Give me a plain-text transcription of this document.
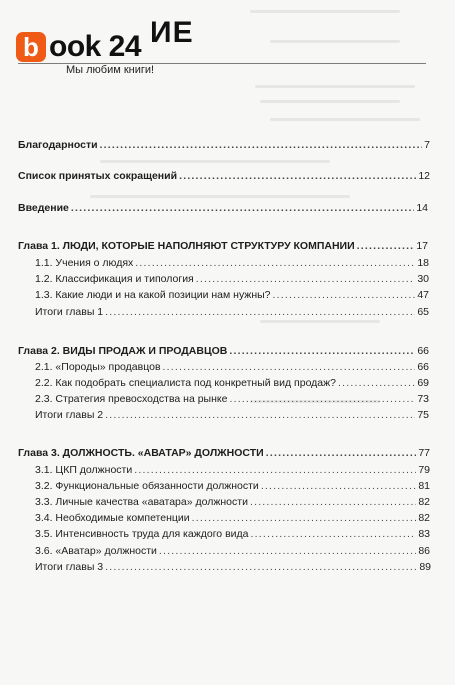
ИЕ
b ook 24
Мы любим книги!
Благодарности .....	7
Список принятых сокращений .....	12
Введение .....	14
Глава 1. ЛЮДИ, КОТОРЫЕ НАПОЛНЯЮТ СТРУКТУРУ КОМПАНИИ .....	17
1.1. Учения о людях .....	18
1.2. Классификация и типология .....	30
1.3. Какие люди и на какой позиции нам нужны? .....	47
Итоги главы 1 .....	65
Глава 2. ВИДЫ ПРОДАЖ И ПРОДАВЦОВ .....	66
2.1. «Породы» продавцов .....	66
2.2. Как подобрать специалиста под конкретный вид продаж? .....	69
2.3. Стратегия превосходства на рынке .....	73
Итоги главы 2 .....	75
Глава 3. ДОЛЖНОСТЬ. «АВАТАР» ДОЛЖНОСТИ .....	77
3.1. ЦКП должности .....	79
3.2. Функциональные обязанности должности .....	81
3.3. Личные качества «аватара» должности .....	82
3.4. Необходимые компетенции .....	82
3.5. Интенсивность труда для каждого вида .....	83
3.6. «Аватар» должности .....	86
Итоги главы 3 .....	89
